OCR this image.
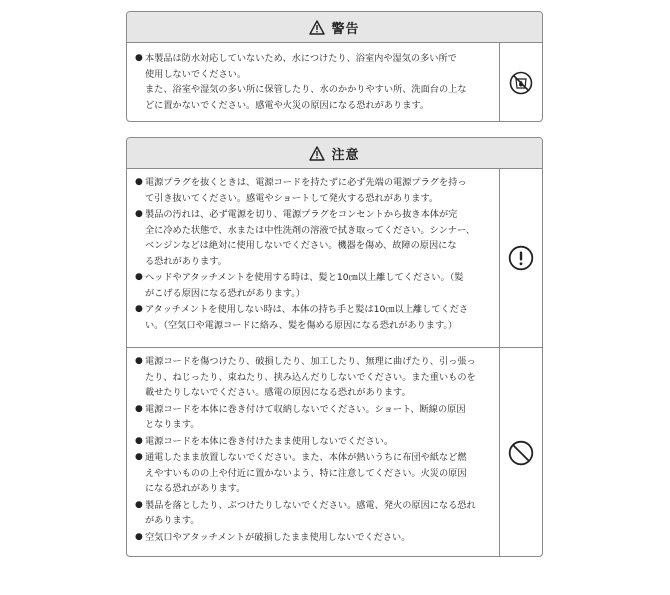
警告
● 本製品は防水対応していないため、水につけたり、浴室内や湿気の多い所で
使用しないでください。
また、浴室や湿気の多い所に保管したり、水のかかりやすい所、洗面台の上な
どに置かないでください。感電や火災の原因になる恐れがあります。
注意
● 電源プラグを抜くときは、電源コードを持たずに必ず先端の電源プラグを持っ
て引き抜いてください。感電やショートして発火する恐れがあります。
● 製品の汚れは、必ず電源を切り、電源プラグをコンセントから抜き本体が完
全に冷めた状態で、水または中性洗剤の溶液で拭き取ってください。シンナー、
ベンジンなどは絶対に使用しないでください。機器を傷め、故障の原因にな
る恐れがあります。
● ヘッドやアタッチメントを使用する時は、髪と10㎝以上離してください。（髪
がこげる原因になる恐れがあります。）
● アタッチメントを使用しない時は、本体の持ち手と髪は10㎝以上離してくださ
い。（空気口や電源コードに絡み、髪を傷める原因になる恐れがあります。）
● 電源コードを傷つけたり、破損したり、加工したり、無理に曲げたり、引っ張っ
たり、ねじったり、束ねたり、挟み込んだりしないでください。また重いものを
載せたりしないでください。感電の原因になる恐れがあります。
● 電源コードを本体に巻き付けて収納しないでください。ショート、断線の原因
となります。
● 電源コードを本体に巻き付けたまま使用しないでください。
● 通電したまま放置しないでください。また、本体が熱いうちに布団や紙など燃
えやすいものの上や付近に置かないよう、特に注意してください。火災の原因
になる恐れがあります。
● 製品を落としたり、ぶつけたりしないでください。感電、発火の原因になる恐れ
があります。
● 空気口やアタッチメントが破損したまま使用しないでください。
